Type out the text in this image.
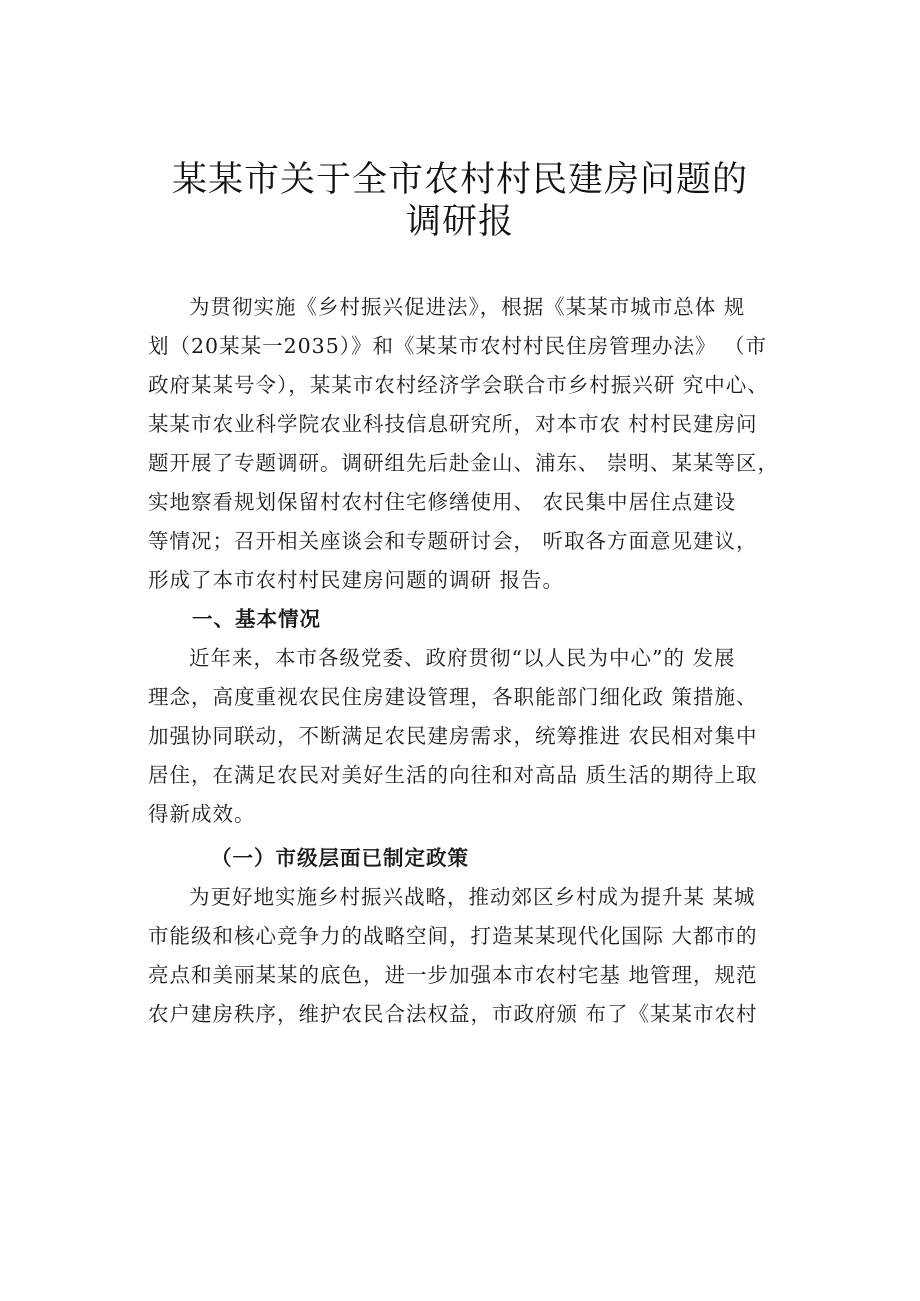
某某市关于全市农村村民建房问题的
调研报

为贯彻实施《乡村振兴促进法》，根据《某某市城市总体 规
划（20某某一2035）》和《某某市农村村民住房管理办法》 （市
政府某某号令），某某市农村经济学会联合市乡村振兴研 究中心、
某某市农业科学院农业科技信息研究所，对本市农 村村民建房问
题开展了专题调研。调研组先后赴金山、浦东、 崇明、某某等区，
实地察看规划保留村农村住宅修缮使用、 农民集中居住点建设
等情况；召开相关座谈会和专题研讨会， 听取各方面意见建议，
形成了本市农村村民建房问题的调研 报告。

一、基本情况

近年来，本市各级党委、政府贯彻“以人民为中心”的 发展
理念，高度重视农民住房建设管理，各职能部门细化政 策措施、
加强协同联动，不断满足农民建房需求，统筹推进 农民相对集中
居住，在满足农民对美好生活的向往和对高品 质生活的期待上取
得新成效。

（一）市级层面已制定政策

为更好地实施乡村振兴战略，推动郊区乡村成为提升某 某城
市能级和核心竞争力的战略空间，打造某某现代化国际 大都市的
亮点和美丽某某的底色，进一步加强本市农村宅基 地管理，规范
农户建房秩序，维护农民合法权益，市政府颁 布了《某某市农村
